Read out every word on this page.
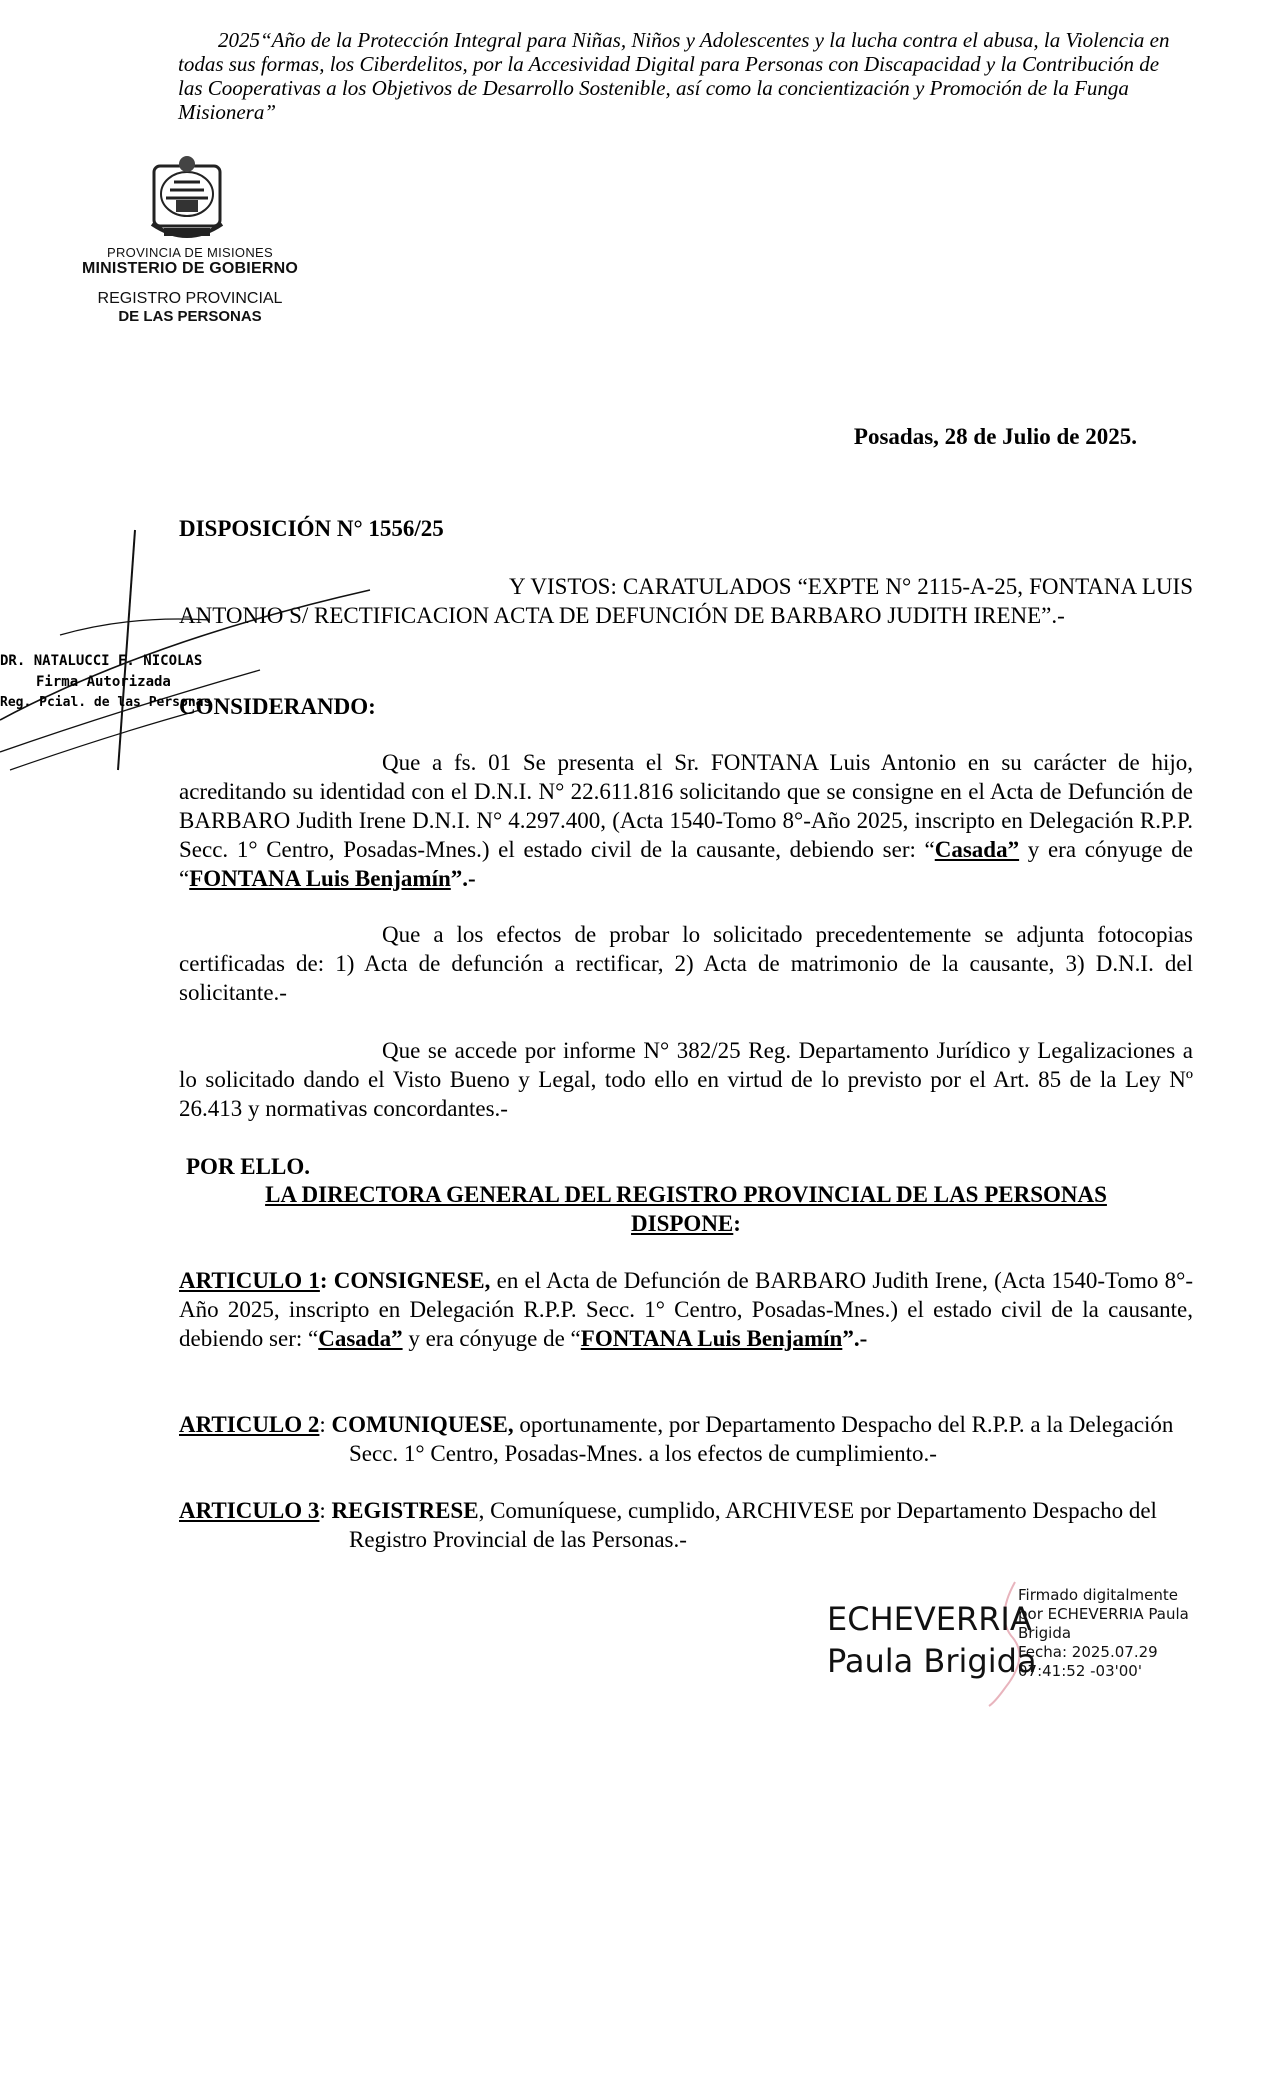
2025“Año de la Protección Integral para Niñas, Niños y Adolescentes y la lucha contra el abusa, la Violencia en todas sus formas, los Ciberdelitos, por la Accesividad Digital para Personas con Discapacidad y la Contribución de las Cooperativas a los Objetivos de Desarrollo Sostenible, así como la concientización y Promoción de la Funga Misionera”
PROVINCIA DE MISIONES
MINISTERIO DE GOBIERNO
REGISTRO PROVINCIAL
DE LAS PERSONAS
Posadas, 28 de Julio de 2025.
DISPOSICIÓN N° 1556/25

Y VISTOS: CARATULADOS “EXPTE N° 2115-A-25, FONTANA LUIS ANTONIO S/ RECTIFICACION ACTA DE DEFUNCIÓN DE BARBARO JUDITH IRENE”.-

DR. NATALUCCI F. NICOLAS
Firma Autorizada
Reg. Pcial. de las Personas
CONSIDERANDO:

Que a fs. 01 Se presenta el Sr. FONTANA Luis Antonio en su carácter de hijo, acreditando su identidad con el D.N.I. N° 22.611.816 solicitando que se consigne en el Acta de Defunción de BARBARO Judith Irene D.N.I. N° 4.297.400, (Acta 1540-Tomo 8°-Año 2025, inscripto en Delegación R.P.P. Secc. 1° Centro, Posadas-Mnes.) el estado civil de la causante, debiendo ser: “Casada” y era cónyuge de “FONTANA Luis Benjamín”.-

Que a los efectos de probar lo solicitado precedentemente se adjunta fotocopias certificadas de: 1) Acta de defunción a rectificar, 2) Acta de matrimonio de la causante, 3) D.N.I. del solicitante.-

Que se accede por informe N° 382/25 Reg. Departamento Jurídico y Legalizaciones a lo solicitado dando el Visto Bueno y Legal, todo ello en virtud de lo previsto por el Art. 85 de la Ley Nº 26.413 y normativas concordantes.-

POR ELLO.
LA DIRECTORA GENERAL DEL REGISTRO PROVINCIAL DE LAS PERSONAS
DISPONE:
ARTICULO 1: CONSIGNESE, en el Acta de Defunción de BARBARO Judith Irene, (Acta 1540-Tomo 8°-Año 2025, inscripto en Delegación R.P.P. Secc. 1° Centro, Posadas-Mnes.) el estado civil de la causante, debiendo ser: “Casada” y era cónyuge de “FONTANA Luis Benjamín”.-
ARTICULO 2: COMUNIQUESE, oportunamente, por Departamento Despacho del R.P.P. a la Delegación Secc. 1° Centro, Posadas-Mnes. a los efectos de cumplimiento.-
ARTICULO 3: REGISTRESE, Comuníquese, cumplido, ARCHIVESE por Departamento Despacho del Registro Provincial de las Personas.-
ECHEVERRIA
Paula Brigida
Firmado digitalmente
por ECHEVERRIA Paula
Brigida
Fecha: 2025.07.29
07:41:52 -03'00'
